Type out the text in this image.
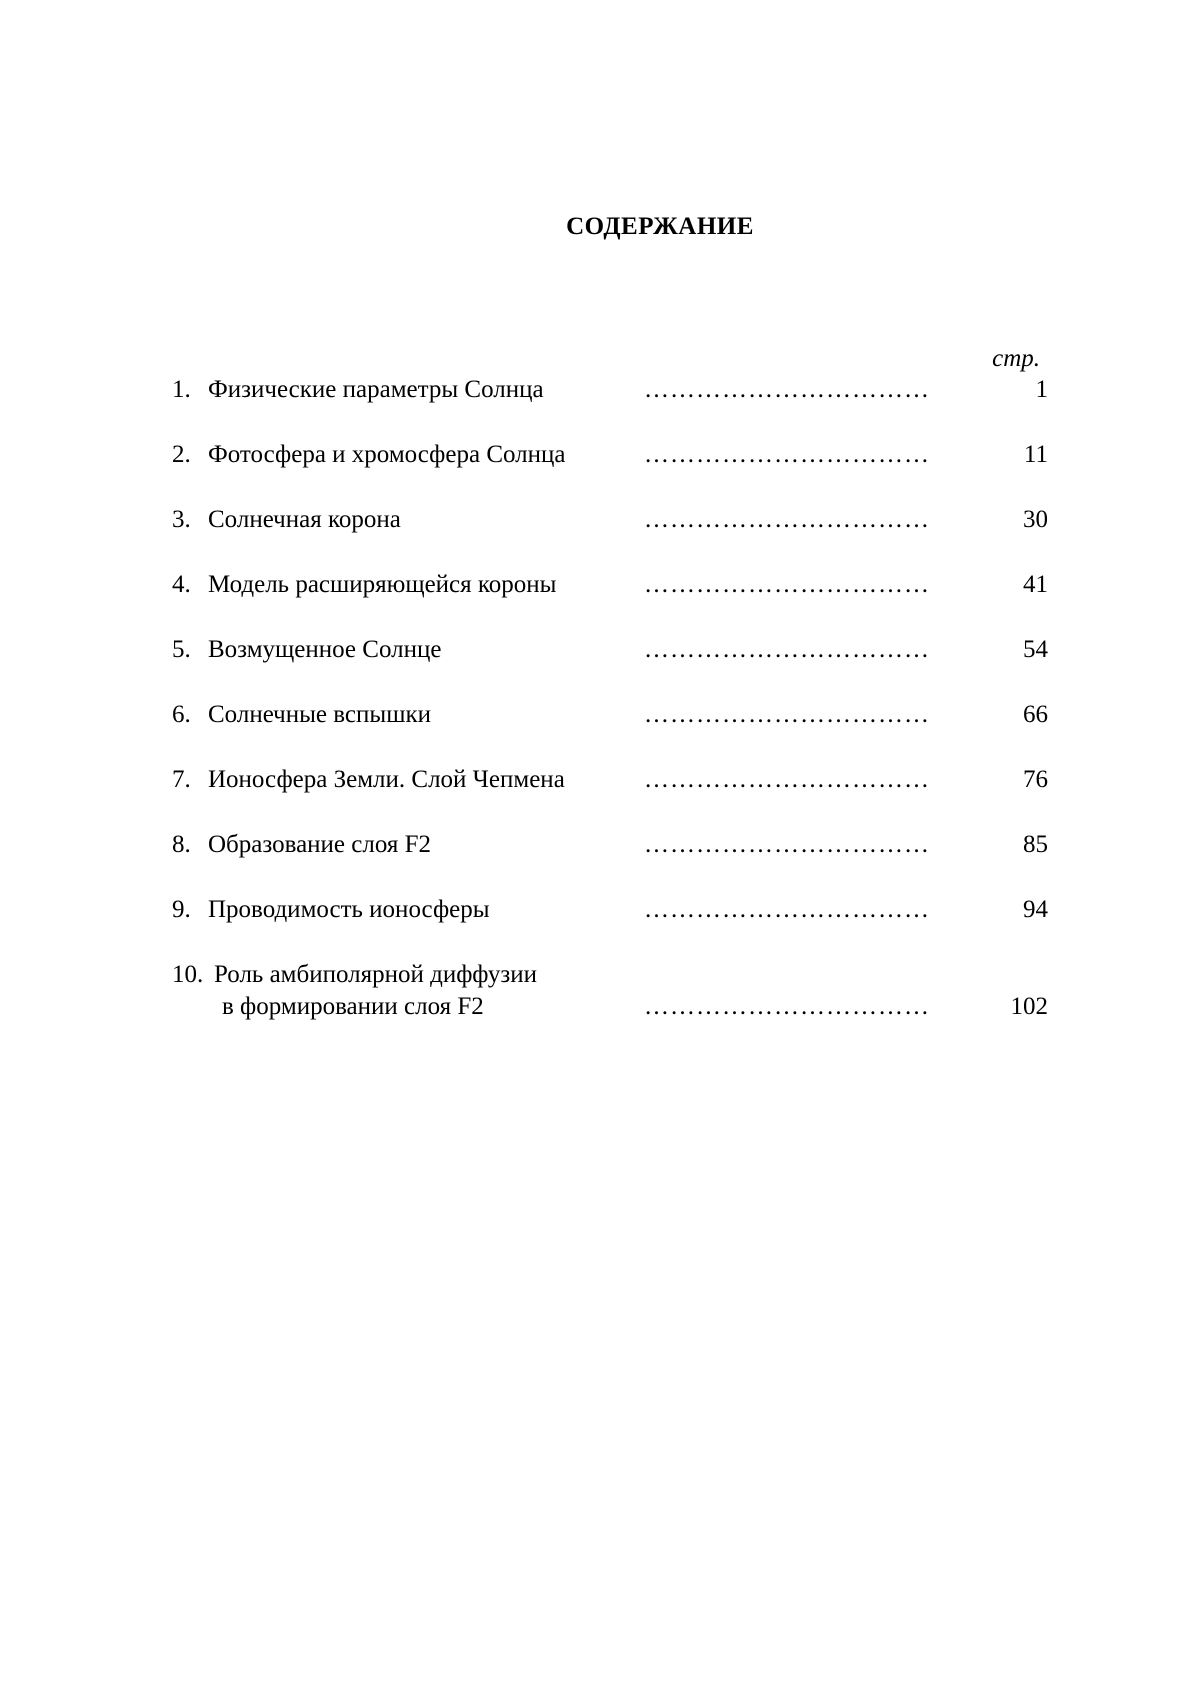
СОДЕРЖАНИЕ
стр.
1. Физические параметры Солнца	……………………………	1
2. Фотосфера и хромосфера Солнца	……………………………	11
3. Солнечная корона	……………………………	30
4. Модель расширяющейся короны	……………………………	41
5. Возмущенное Солнце	……………………………	54
6. Солнечные вспышки	……………………………	66
7. Ионосфера Земли. Слой Чепмена	……………………………	76
8. Образование слоя F2	……………………………	85
9. Проводимость ионосферы	……………………………	94
10. Роль амбиполярной диффузии
в формировании слоя F2	……………………………	102
